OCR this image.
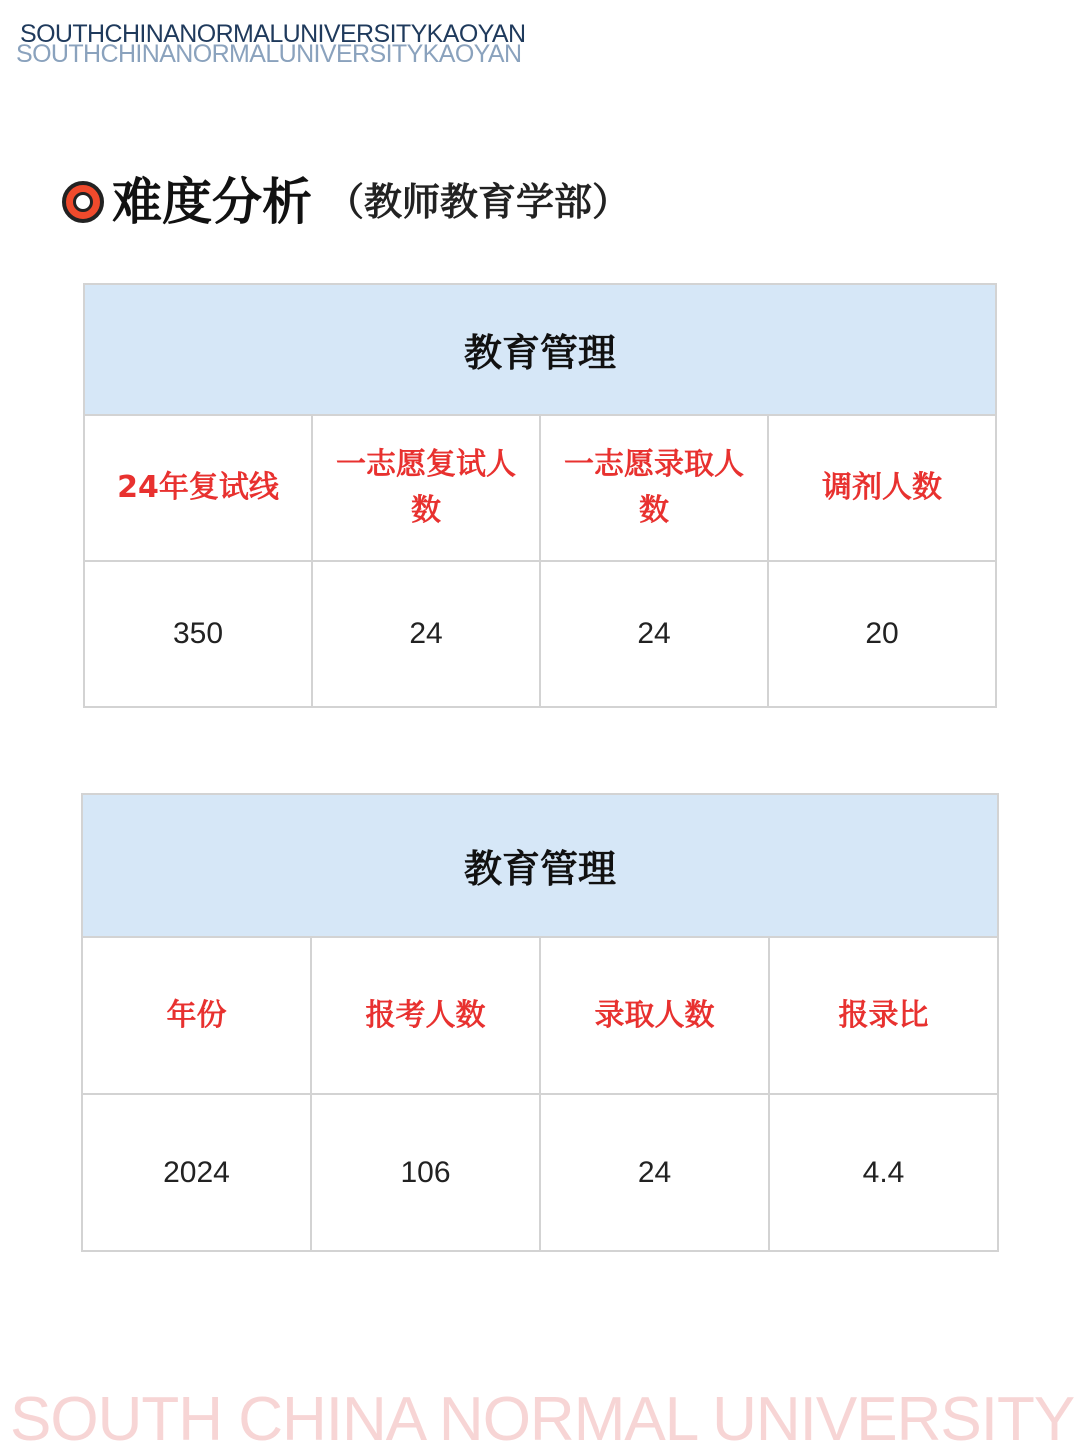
SOUTHCHINANORMALUNIVERSITYKAOYAN
SOUTHCHINANORMALUNIVERSITYKAOYAN
难度分析 （教师教育学部）
教育管理			
24年复试线	一志愿复试人数	一志愿录取人数	调剂人数
350	24	24	20
教育管理			
年份	报考人数	录取人数	报录比
2024	106	24	4.4
SOUTH CHINA NORMAL UNIVERSITY
